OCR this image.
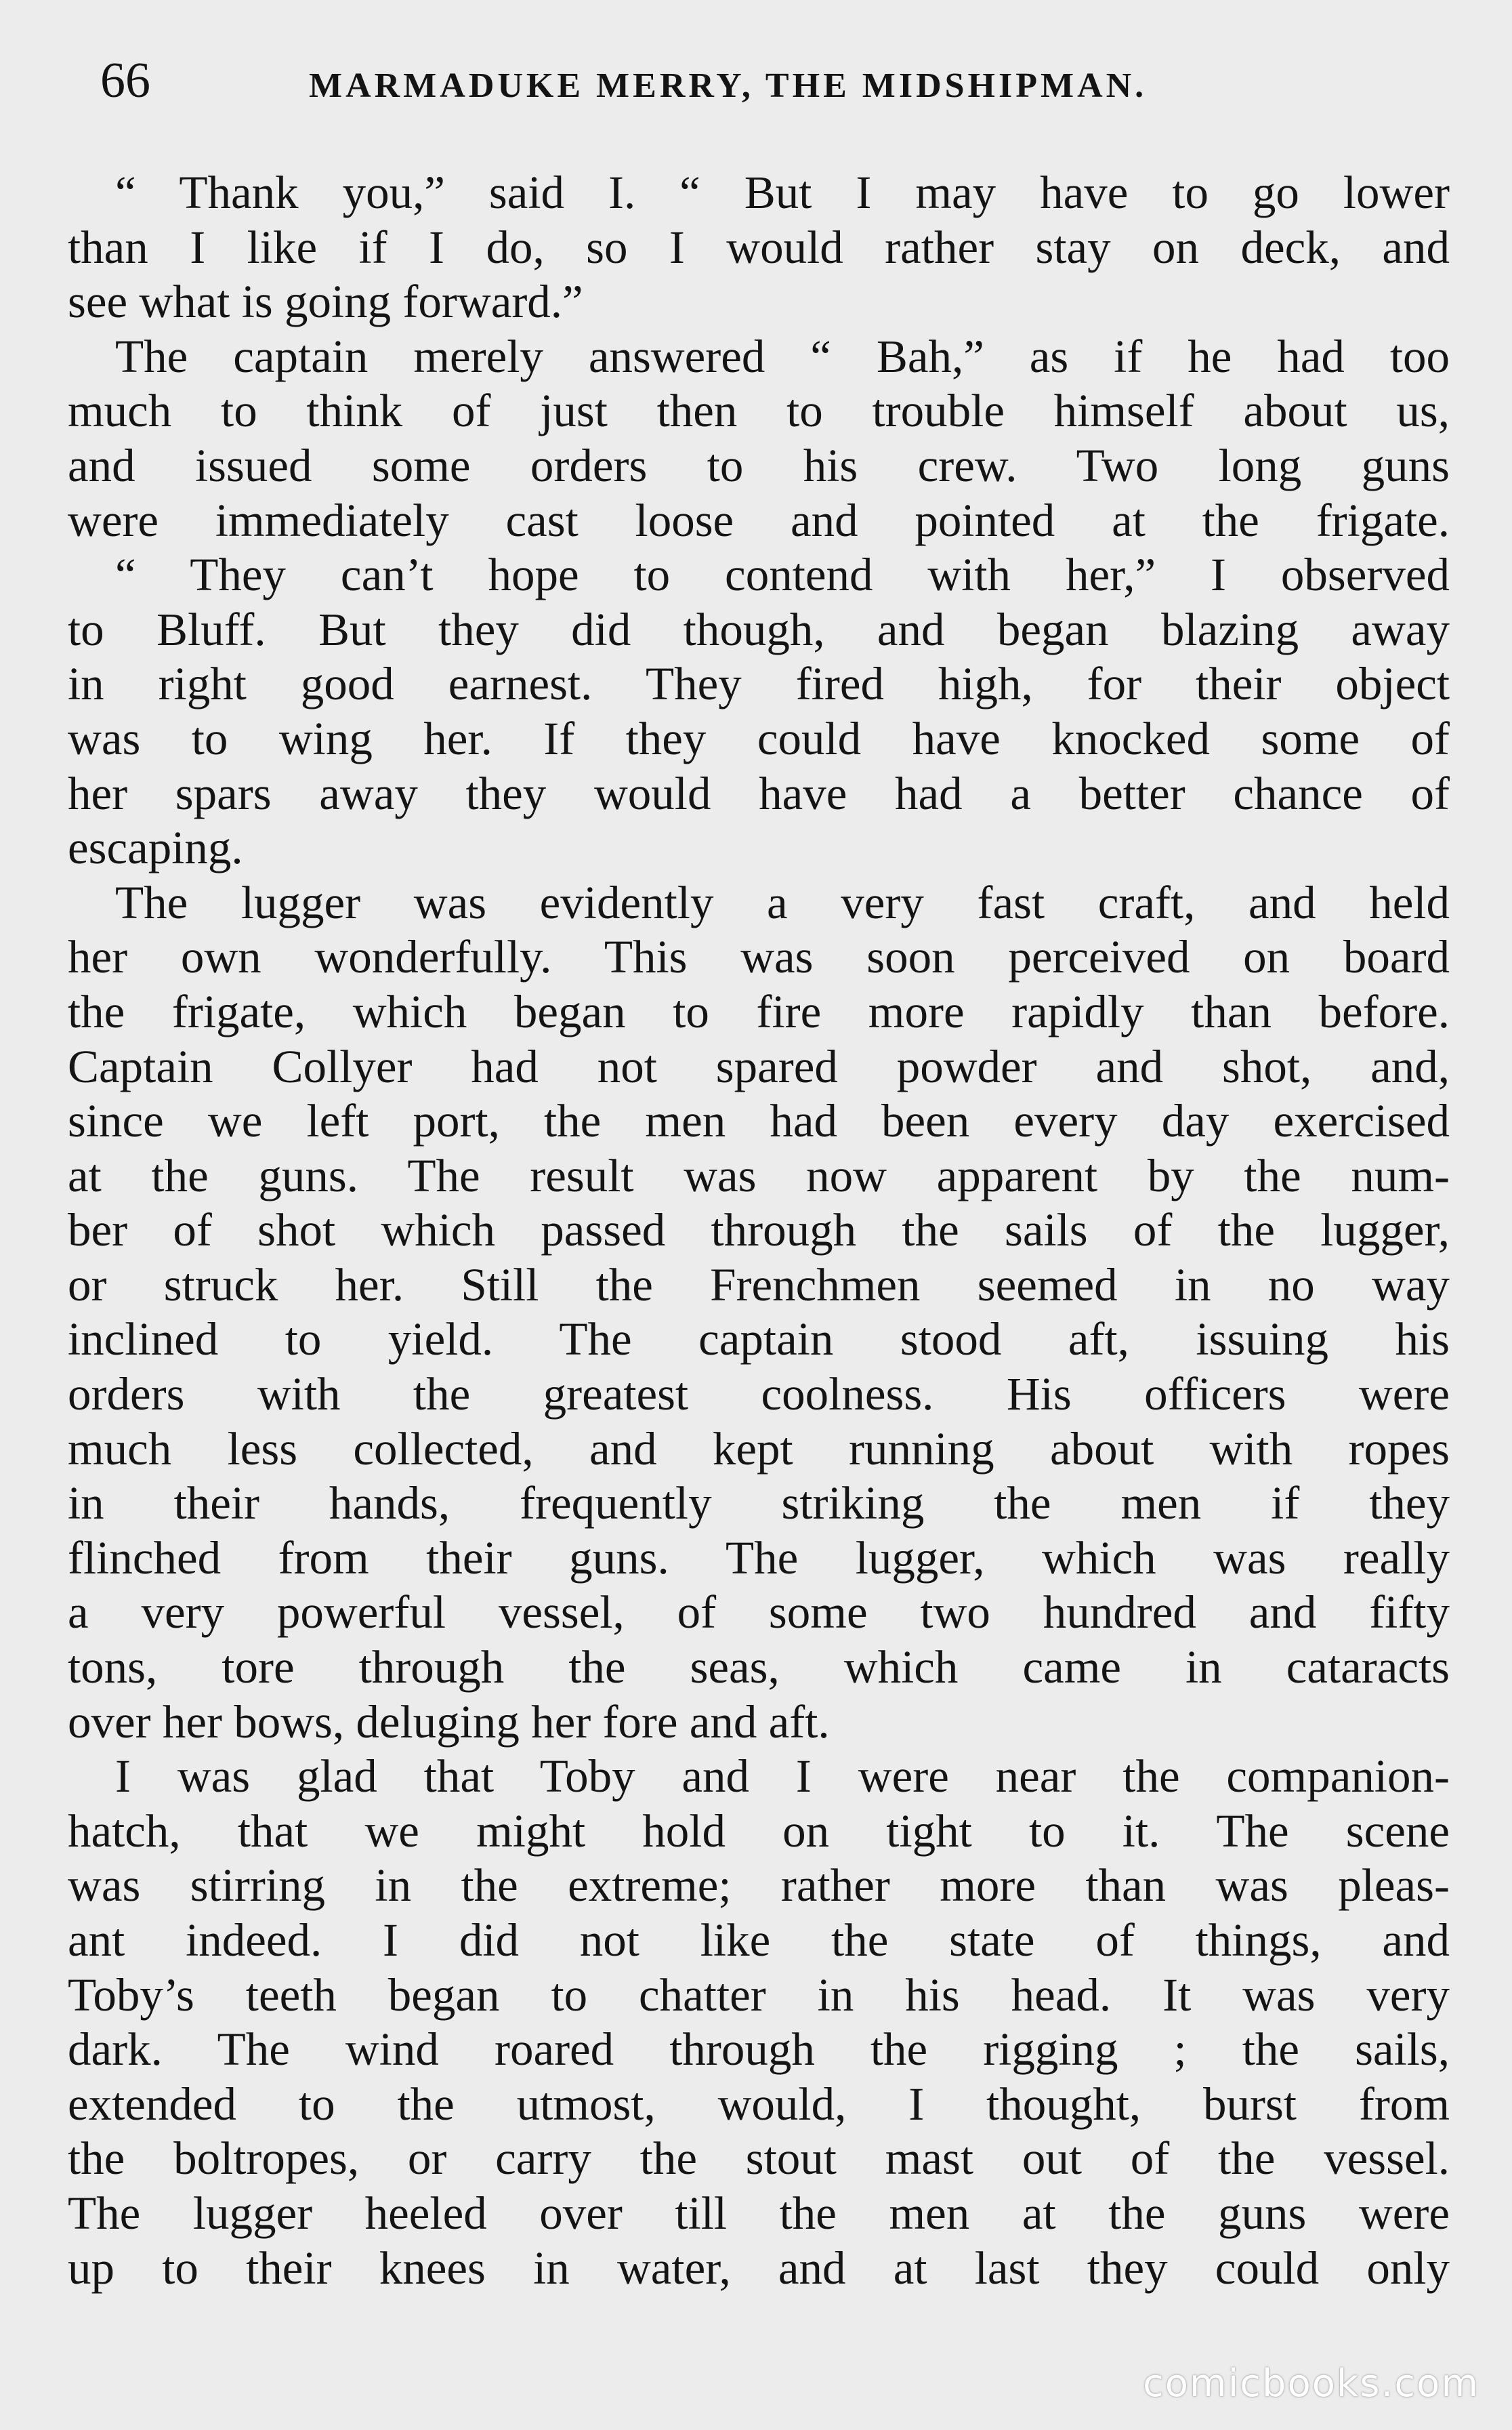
66	MARMADUKE MERRY, THE MIDSHIPMAN.
“ Thank you,” said I. “ But I may have to go lower
than I like if I do, so I would rather stay on deck, and
see what is going forward.”
The captain merely answered “ Bah,” as if he had too
much to think of just then to trouble himself about us,
and issued some orders to his crew. Two long guns
were immediately cast loose and pointed at the frigate.
“ They can’t hope to contend with her,” I observed
to Bluff. But they did though, and began blazing away
in right good earnest. They fired high, for their object
was to wing her. If they could have knocked some of
her spars away they would have had a better chance of
escaping.
The lugger was evidently a very fast craft, and held
her own wonderfully. This was soon perceived on board
the frigate, which began to fire more rapidly than before.
Captain Collyer had not spared powder and shot, and,
since we left port, the men had been every day exercised
at the guns. The result was now apparent by the num-
ber of shot which passed through the sails of the lugger,
or struck her. Still the Frenchmen seemed in no way
inclined to yield. The captain stood aft, issuing his
orders with the greatest coolness. His officers were
much less collected, and kept running about with ropes
in their hands, frequently striking the men if they
flinched from their guns. The lugger, which was really
a very powerful vessel, of some two hundred and fifty
tons, tore through the seas, which came in cataracts
over her bows, deluging her fore and aft.
I was glad that Toby and I were near the companion-
hatch, that we might hold on tight to it. The scene
was stirring in the extreme; rather more than was pleas-
ant indeed. I did not like the state of things, and
Toby’s teeth began to chatter in his head. It was very
dark. The wind roared through the rigging ; the sails,
extended to the utmost, would, I thought, burst from
the boltropes, or carry the stout mast out of the vessel.
The lugger heeled over till the men at the guns were
up to their knees in water, and at last they could only
comicbooks.com
